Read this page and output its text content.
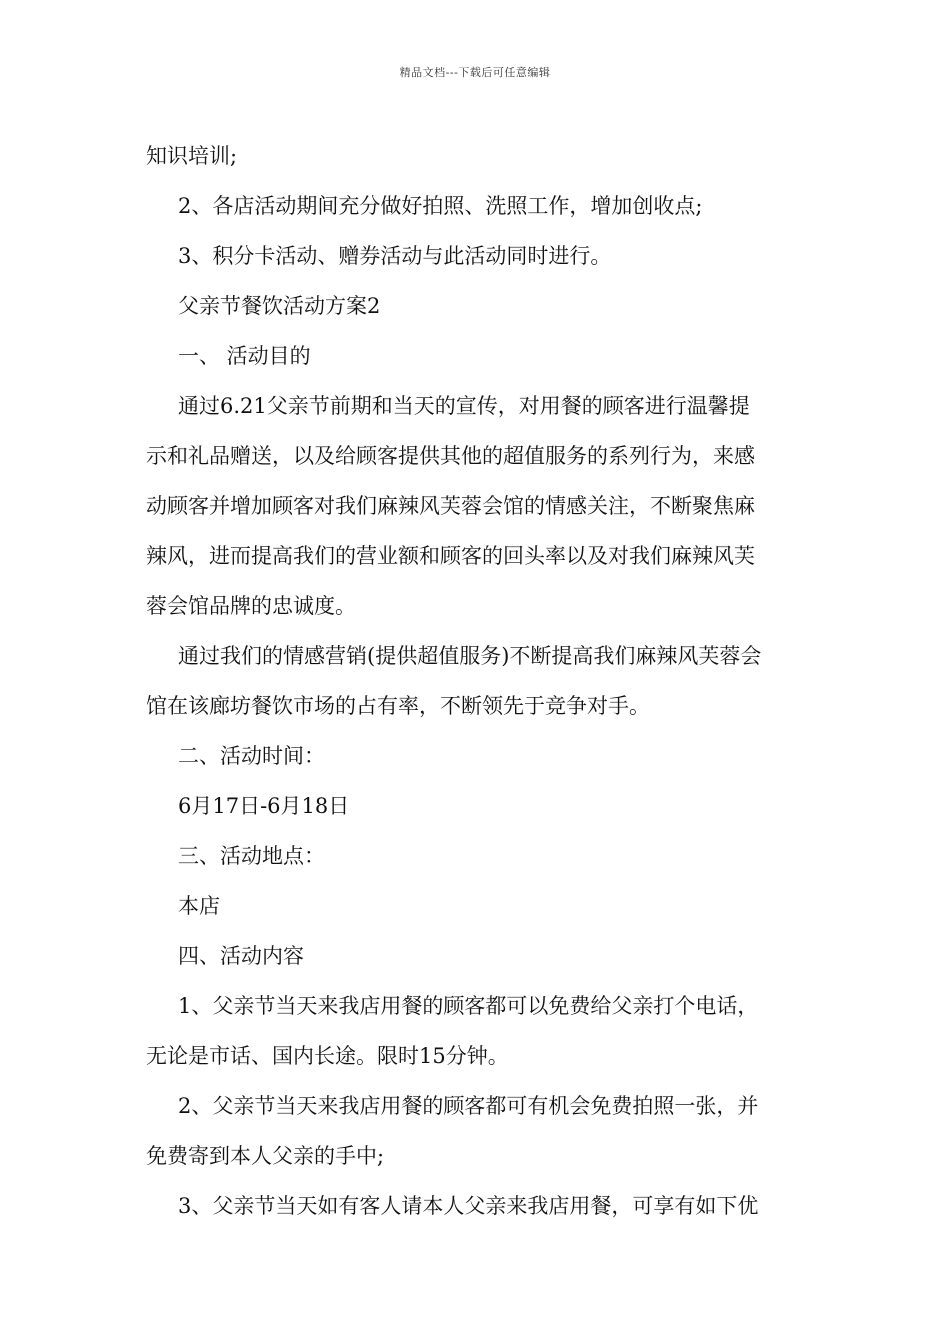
精品文档---下载后可任意编辑
知识培训;
2、各店活动期间充分做好拍照、洗照工作，增加创收点;
3、积分卡活动、赠券活动与此活动同时进行。
父亲节餐饮活动方案2
一、 活动目的
通过6.21父亲节前期和当天的宣传，对用餐的顾客进行温馨提
示和礼品赠送，以及给顾客提供其他的超值服务的系列行为，来感
动顾客并增加顾客对我们麻辣风芙蓉会馆的情感关注，不断聚焦麻
辣风，进而提高我们的营业额和顾客的回头率以及对我们麻辣风芙
蓉会馆品牌的忠诚度。
通过我们的情感营销(提供超值服务)不断提高我们麻辣风芙蓉会
馆在该廊坊餐饮市场的占有率，不断领先于竞争对手。
二、活动时间：
6月17日-6月18日
三、活动地点：
本店
四、活动内容
1、父亲节当天来我店用餐的顾客都可以免费给父亲打个电话，
无论是市话、国内长途。限时15分钟。
2、父亲节当天来我店用餐的顾客都可有机会免费拍照一张，并
免费寄到本人父亲的手中;
3、父亲节当天如有客人请本人父亲来我店用餐，可享有如下优
